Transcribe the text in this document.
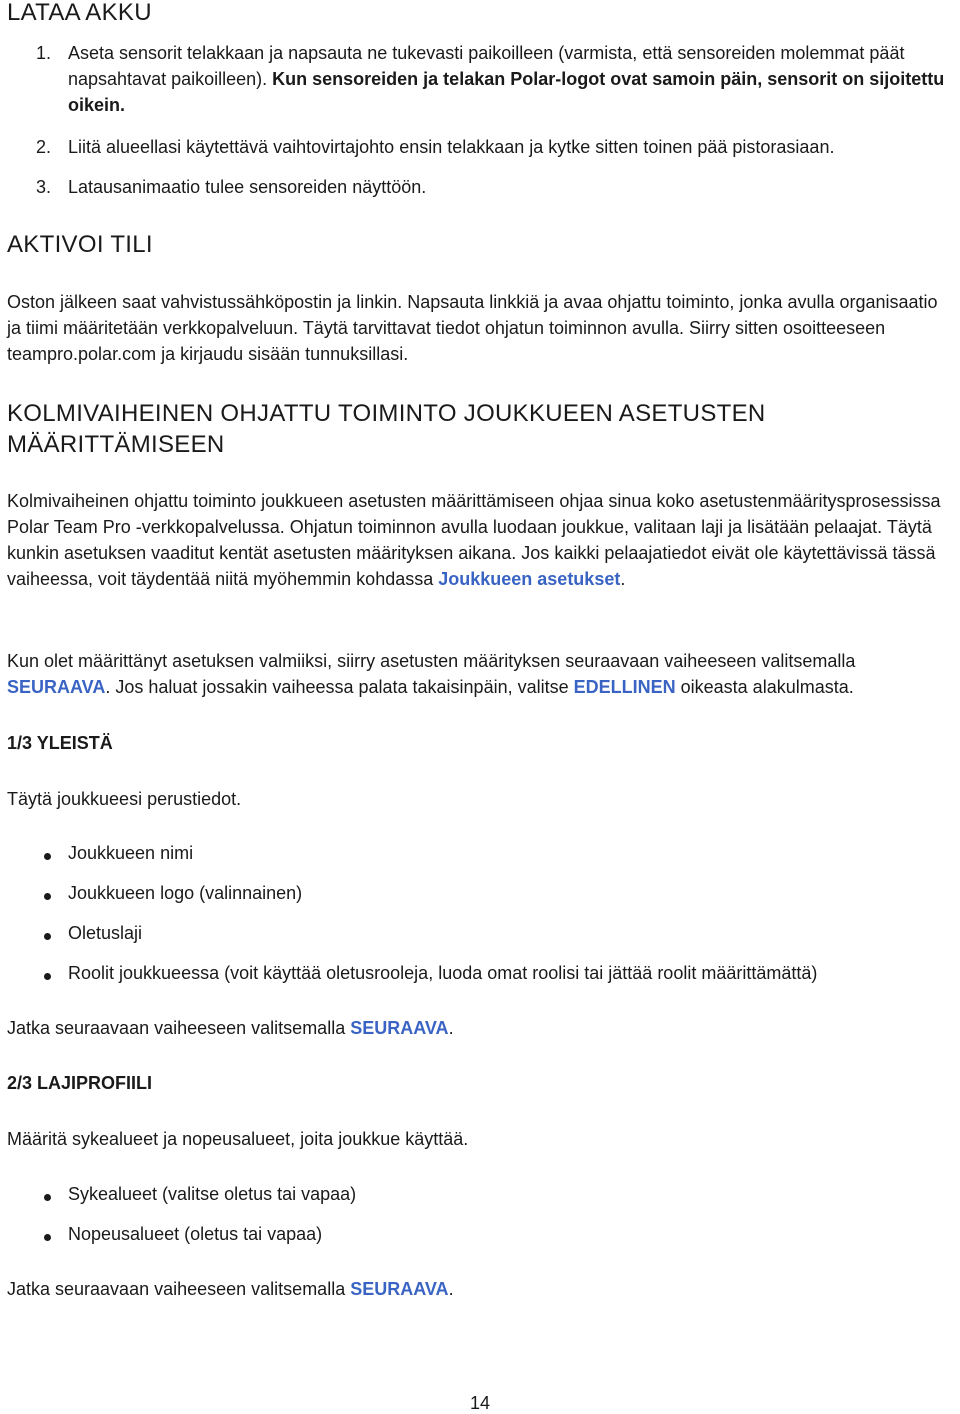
LATAA AKKU
1. Aseta sensorit telakkaan ja napsauta ne tukevasti paikoilleen (varmista, että sensoreiden molemmat päät napsahtavat paikoilleen). Kun sensoreiden ja telakan Polar-logot ovat samoin päin, sensorit on sijoitettu oikein.
2. Liitä alueellasi käytettävä vaihtovirtajohto ensin telakkaan ja kytke sitten toinen pää pistorasiaan.
3. Latausanimaatio tulee sensoreiden näyttöön.
AKTIVOI TILI

Oston jälkeen saat vahvistussähköpostin ja linkin. Napsauta linkkiä ja avaa ohjattu toiminto, jonka avulla organisaatio ja tiimi määritetään verkkopalveluun. Täytä tarvittavat tiedot ohjatun toiminnon avulla. Siirry sitten osoitteeseen teampro.polar.com ja kirjaudu sisään tunnuksillasi.

KOLMIVAIHEINEN OHJATTU TOIMINTO JOUKKUEEN ASETUSTEN
MÄÄRITTÄMISEEN

Kolmivaiheinen ohjattu toiminto joukkueen asetusten määrittämiseen ohjaa sinua koko asetustenmääritysprosessissa Polar Team Pro -verkkopalvelussa. Ohjatun toiminnon avulla luodaan joukkue, valitaan laji ja lisätään pelaajat. Täytä kunkin asetuksen vaaditut kentät asetusten määrityksen aikana. Jos kaikki pelaajatiedot eivät ole käytettävissä tässä vaiheessa, voit täydentää niitä myöhemmin kohdassa Joukkueen asetukset.

Kun olet määrittänyt asetuksen valmiiksi, siirry asetusten määrityksen seuraavaan vaiheeseen valitsemalla SEURAAVA. Jos haluat jossakin vaiheessa palata takaisinpäin, valitse EDELLINEN oikeasta alakulmasta.

1/3 YLEISTÄ

Täytä joukkueesi perustiedot.

Joukkueen nimi
Joukkueen logo (valinnainen)
Oletuslaji
Roolit joukkueessa (voit käyttää oletusrooleja, luoda omat roolisi tai jättää roolit määrittämättä)

Jatka seuraavaan vaiheeseen valitsemalla SEURAAVA.

2/3 LAJIPROFIILI

Määritä sykealueet ja nopeusalueet, joita joukkue käyttää.

Sykealueet (valitse oletus tai vapaa)
Nopeusalueet (oletus tai vapaa)

Jatka seuraavaan vaiheeseen valitsemalla SEURAAVA.

14
